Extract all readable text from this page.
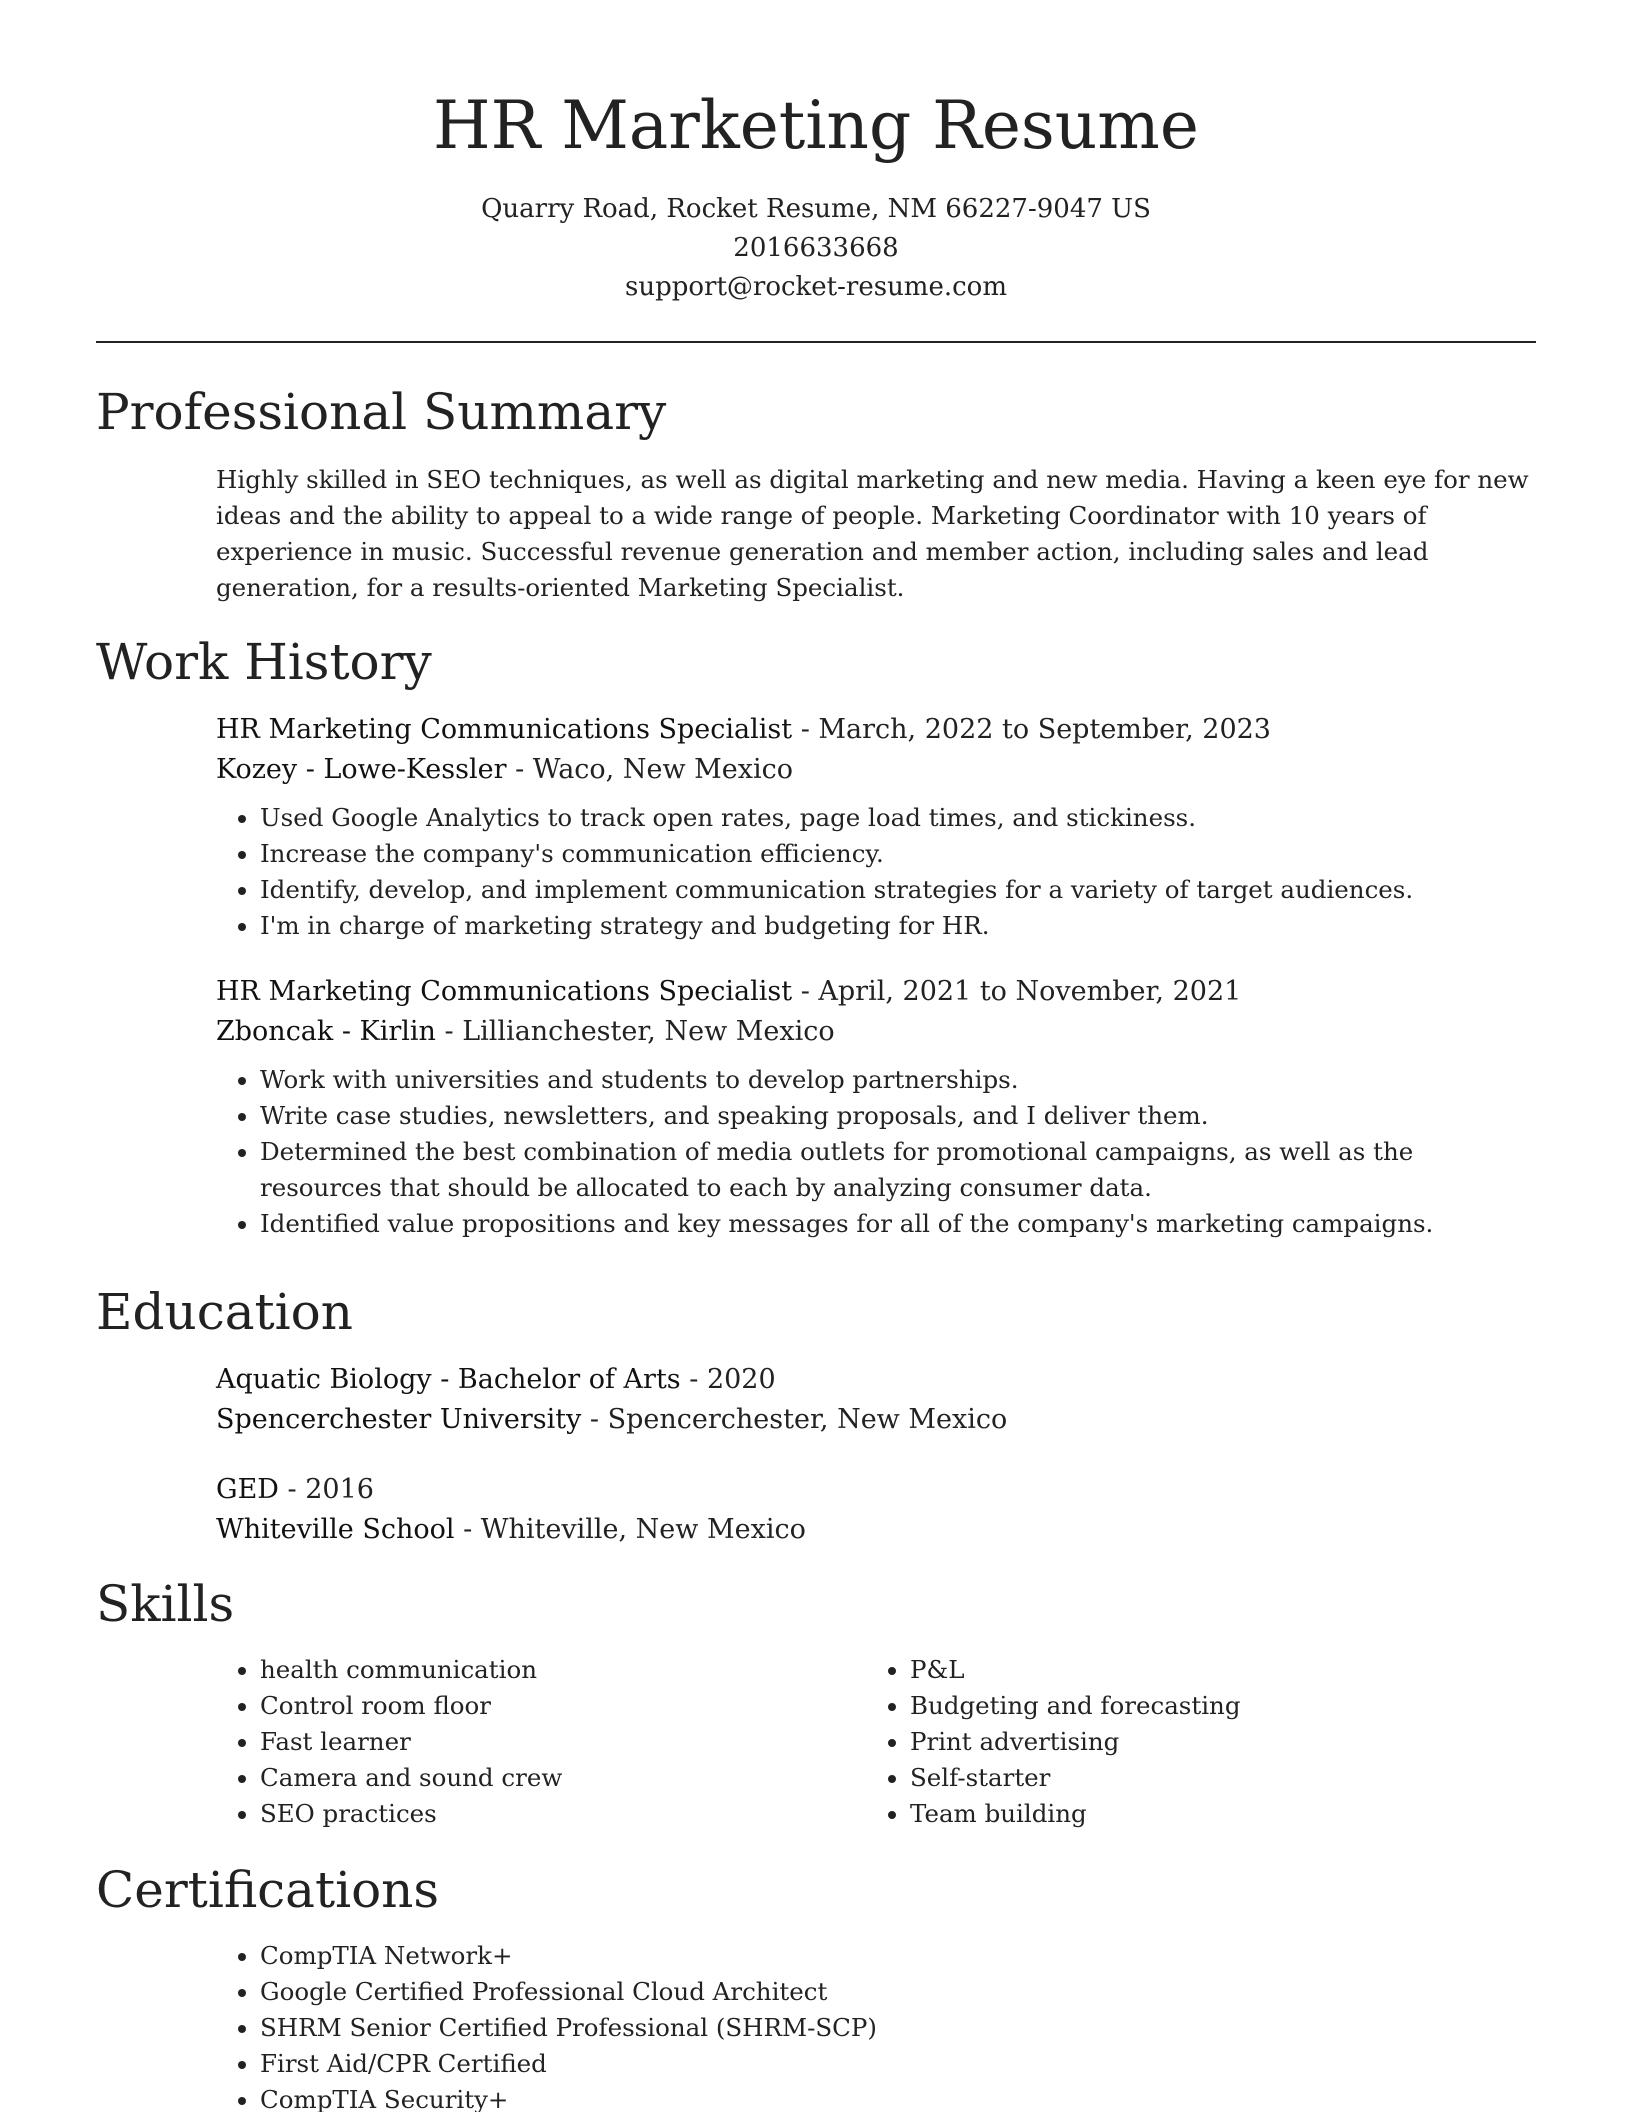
HR Marketing Resume
Quarry Road, Rocket Resume, NM 66227-9047 US
2016633668
support@rocket-resume.com
Professional Summary
Highly skilled in SEO techniques, as well as digital marketing and new media. Having a keen eye for new ideas and the ability to appeal to a wide range of people. Marketing Coordinator with 10 years of experience in music. Successful revenue generation and member action, including sales and lead generation, for a results-oriented Marketing Specialist.
Work History
HR Marketing Communications Specialist - March, 2022 to September, 2023
Kozey - Lowe-Kessler - Waco, New Mexico
• Used Google Analytics to track open rates, page load times, and stickiness.
• Increase the company's communication efficiency.
• Identify, develop, and implement communication strategies for a variety of target audiences.
• I'm in charge of marketing strategy and budgeting for HR.
HR Marketing Communications Specialist - April, 2021 to November, 2021
Zboncak - Kirlin - Lillianchester, New Mexico
• Work with universities and students to develop partnerships.
• Write case studies, newsletters, and speaking proposals, and I deliver them.
• Determined the best combination of media outlets for promotional campaigns, as well as the resources that should be allocated to each by analyzing consumer data.
• Identified value propositions and key messages for all of the company's marketing campaigns.
Education
Aquatic Biology - Bachelor of Arts - 2020
Spencerchester University - Spencerchester, New Mexico
GED - 2016
Whiteville School - Whiteville, New Mexico
Skills
• health communication
• Control room floor
• Fast learner
• Camera and sound crew
• SEO practices
• P&L
• Budgeting and forecasting
• Print advertising
• Self-starter
• Team building
Certifications
• CompTIA Network+
• Google Certified Professional Cloud Architect
• SHRM Senior Certified Professional (SHRM-SCP)
• First Aid/CPR Certified
• CompTIA Security+
